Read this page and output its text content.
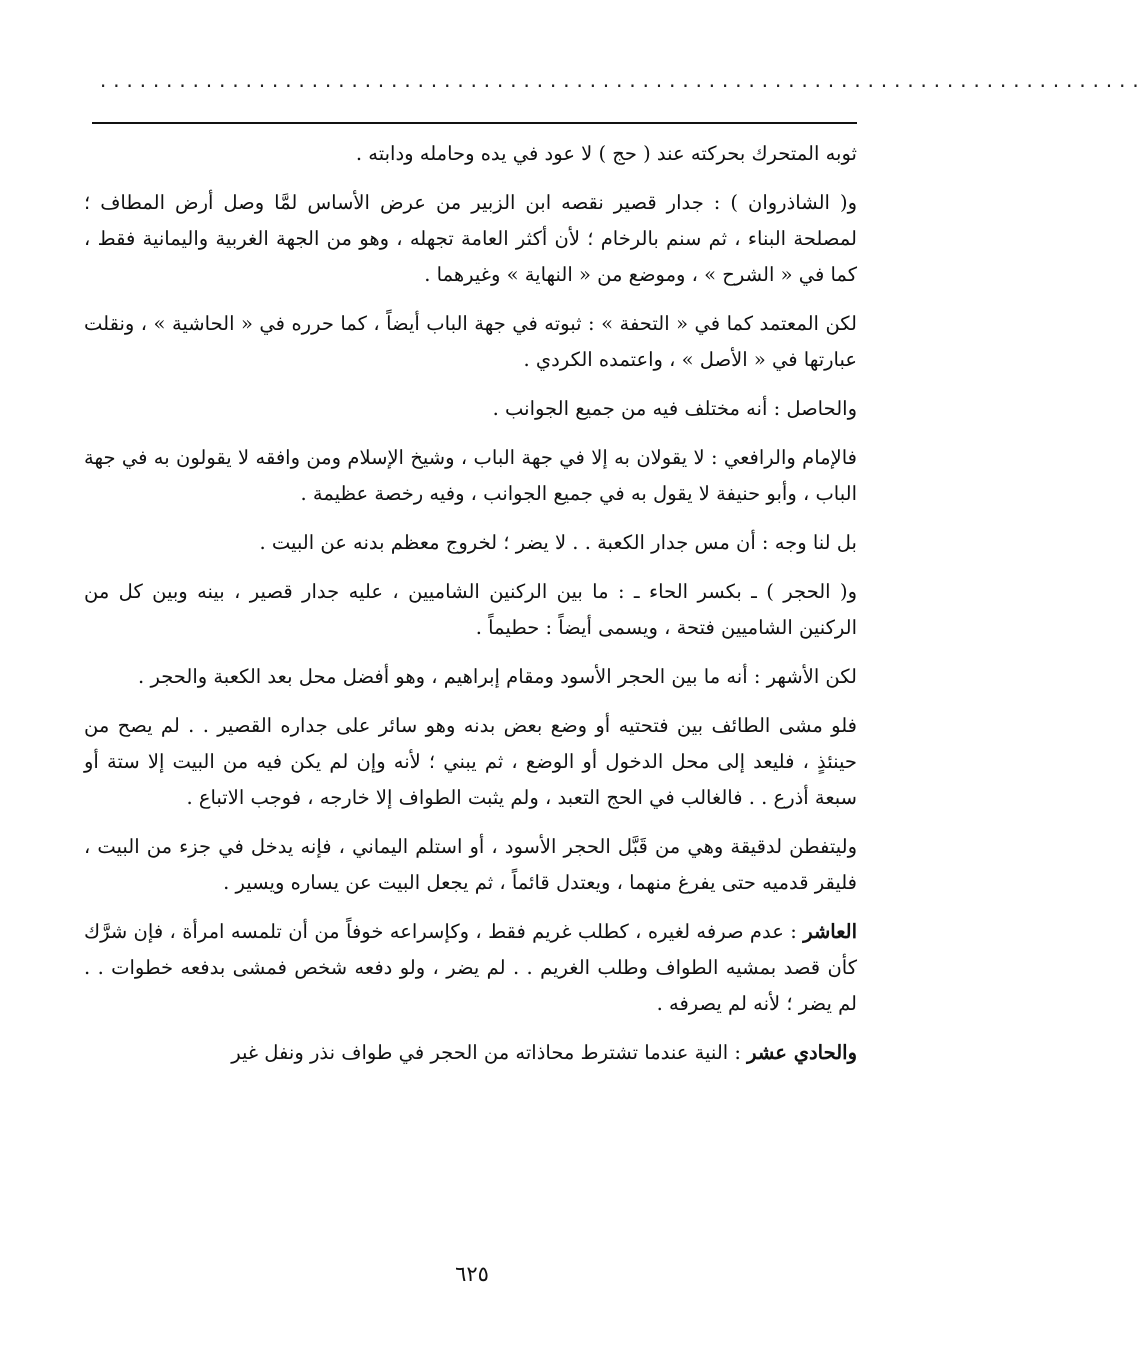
...............................................................................

ثوبه المتحرك بحركته عند ( حج ) لا عود في يده وحامله ودابته .

و( الشاذروان ) : جدار قصير نقصه ابن الزبير من عرض الأساس لمَّا وصل أرض المطاف ؛ لمصلحة البناء ، ثم سنم بالرخام ؛ لأن أكثر العامة تجهله ، وهو من الجهة الغربية واليمانية فقط ، كما في « الشرح » ، وموضع من « النهاية » وغيرهما .

لكن المعتمد كما في « التحفة » : ثبوته في جهة الباب أيضاً ، كما حرره في « الحاشية » ، ونقلت عبارتها في « الأصل » ، واعتمده الكردي .

والحاصل : أنه مختلف فيه من جميع الجوانب .

فالإمام والرافعي : لا يقولان به إلا في جهة الباب ، وشيخ الإسلام ومن وافقه لا يقولون به في جهة الباب ، وأبو حنيفة لا يقول به في جميع الجوانب ، وفيه رخصة عظيمة .

بل لنا وجه : أن مس جدار الكعبة . . لا يضر ؛ لخروج معظم بدنه عن البيت .

و( الحجر ) ـ بكسر الحاء ـ : ما بين الركنين الشاميين ، عليه جدار قصير ، بينه وبين كل من الركنين الشاميين فتحة ، ويسمى أيضاً : حطيماً .

لكن الأشهر : أنه ما بين الحجر الأسود ومقام إبراهيم ، وهو أفضل محل بعد الكعبة والحجر .

فلو مشى الطائف بين فتحتيه أو وضع بعض بدنه وهو سائر على جداره القصير . . لم يصح من حينئذٍ ، فليعد إلى محل الدخول أو الوضع ، ثم يبني ؛ لأنه وإن لم يكن فيه من البيت إلا ستة أو سبعة أذرع . . فالغالب في الحج التعبد ، ولم يثبت الطواف إلا خارجه ، فوجب الاتباع .

وليتفطن لدقيقة وهي من قَبَّل الحجر الأسود ، أو استلم اليماني ، فإنه يدخل في جزء من البيت ، فليقر قدميه حتى يفرغ منهما ، ويعتدل قائماً ، ثم يجعل البيت عن يساره ويسير .

العاشر : عدم صرفه لغيره ، كطلب غريم فقط ، وكإسراعه خوفاً من أن تلمسه امرأة ، فإن شرَّك كأن قصد بمشيه الطواف وطلب الغريم . . لم يضر ، ولو دفعه شخص فمشى بدفعه خطوات . . لم يضر ؛ لأنه لم يصرفه .

والحادي عشر : النية عندما تشترط محاذاته من الحجر في طواف نذر ونفل غير

٦٢٥
